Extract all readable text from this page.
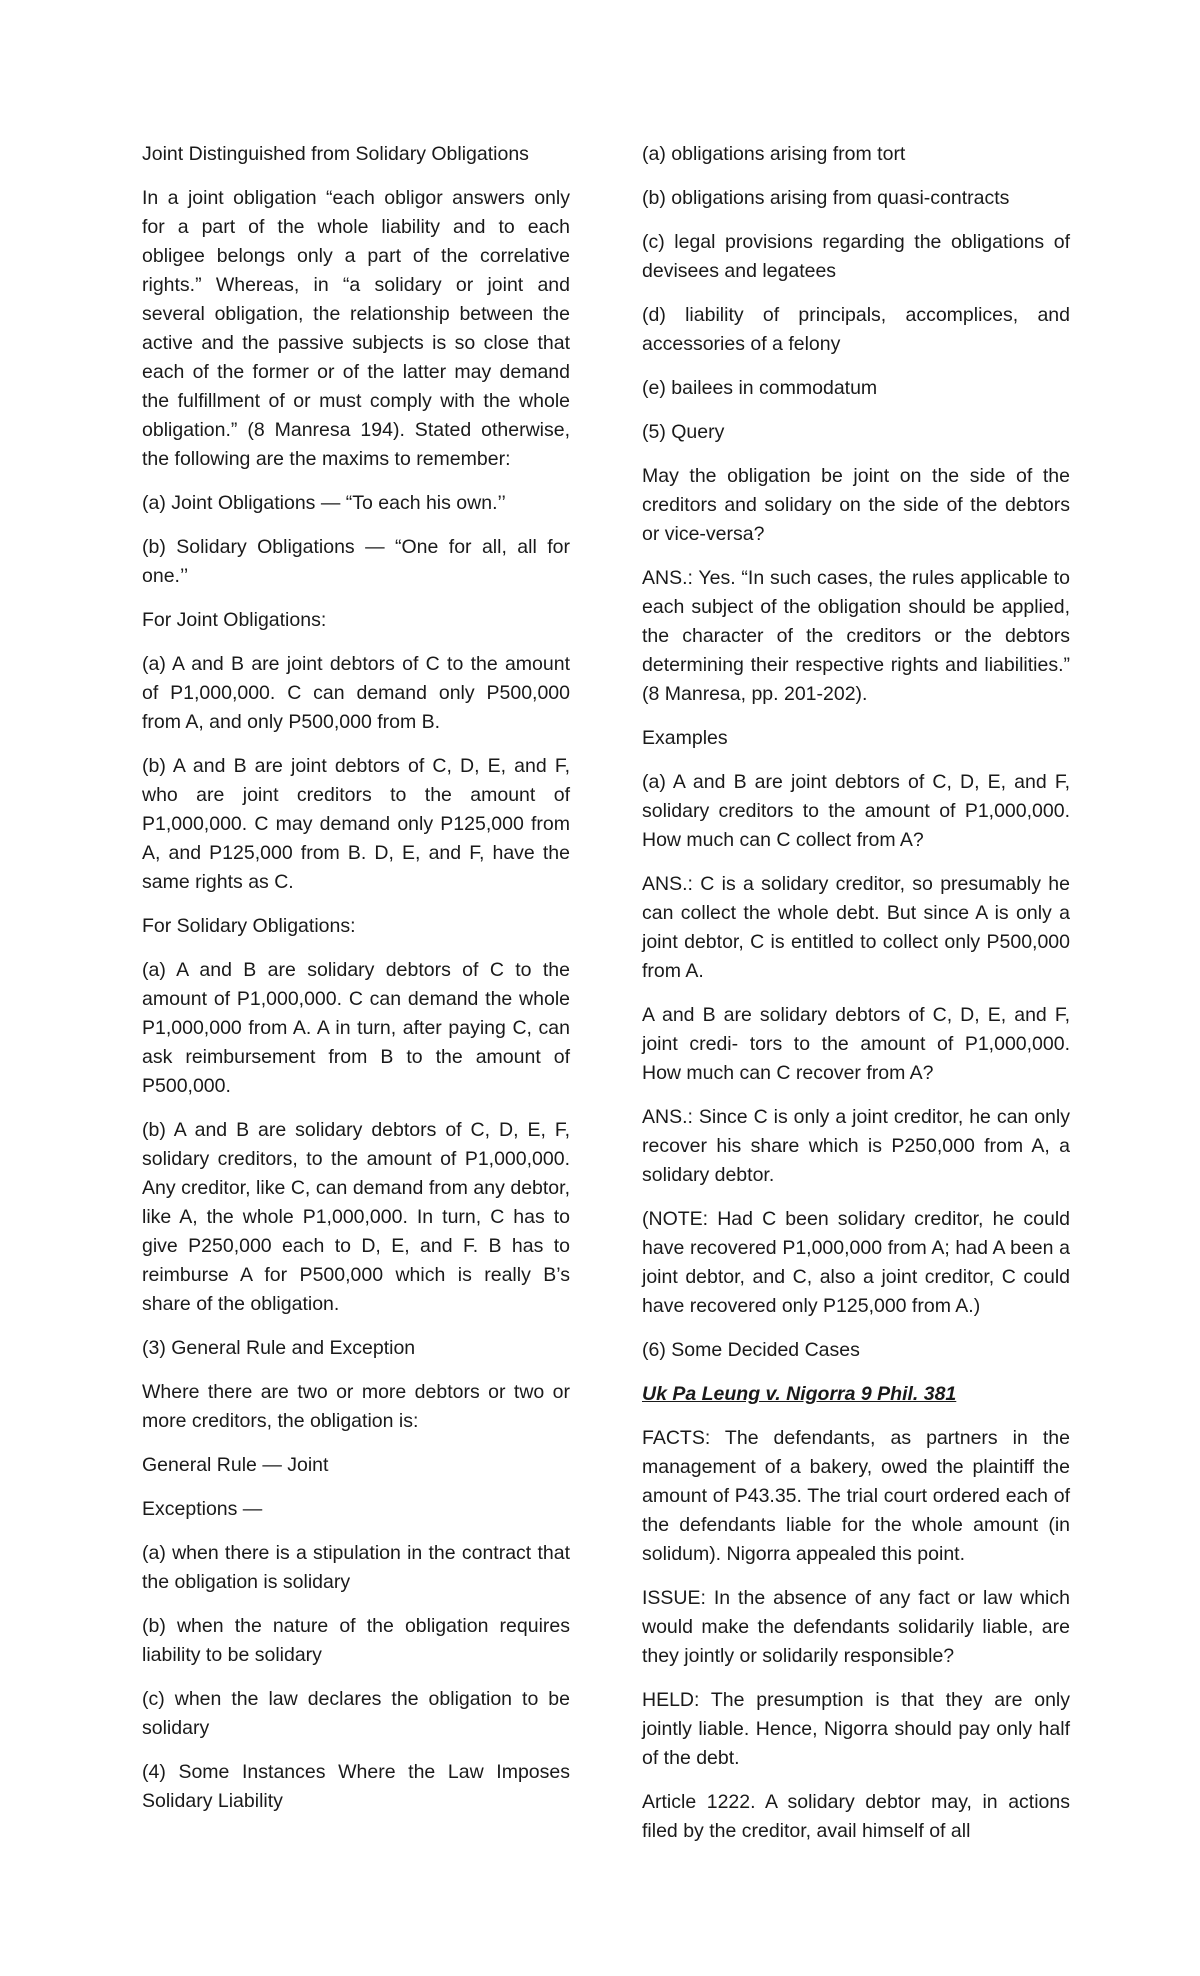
Joint Distinguished from Solidary Obligations

In a joint obligation “each obligor answers only for a part of the whole liability and to each obligee belongs only a part of the correlative rights.” Whereas, in “a solidary or joint and several obligation, the relationship between the active and the passive subjects is so close that each of the former or of the latter may demand the fulfillment of or must comply with the whole obligation.” (8 Manresa 194). Stated otherwise, the following are the maxims to remember:

(a) Joint Obligations — “To each his own.’’

(b) Solidary Obligations — “One for all, all for one.’’

For Joint Obligations:

(a) A and B are joint debtors of C to the amount of P1,000,000. C can demand only P500,000 from A, and only P500,000 from B.

(b) A and B are joint debtors of C, D, E, and F, who are joint creditors to the amount of P1,000,000. C may demand only P125,000 from A, and P125,000 from B. D, E, and F, have the same rights as C.

For Solidary Obligations:

(a) A and B are solidary debtors of C to the amount of P1,000,000. C can demand the whole P1,000,000 from A. A in turn, after paying C, can ask reimbursement from B to the amount of P500,000.

(b) A and B are solidary debtors of C, D, E, F, solidary creditors, to the amount of P1,000,000. Any creditor, like C, can demand from any debtor, like A, the whole P1,000,000. In turn, C has to give P250,000 each to D, E, and F. B has to reimburse A for P500,000 which is really B’s share of the obligation.

(3) General Rule and Exception

Where there are two or more debtors or two or more creditors, the obligation is:

General Rule — Joint

Exceptions —

(a) when there is a stipulation in the contract that the obligation is solidary

(b) when the nature of the obligation requires liability to be solidary

(c) when the law declares the obligation to be solidary

(4) Some Instances Where the Law Imposes Solidary Liability

(a) obligations arising from tort

(b) obligations arising from quasi-contracts

(c) legal provisions regarding the obligations of devisees and legatees

(d) liability of principals, accomplices, and accessories of a felony

(e) bailees in commodatum

(5) Query

May the obligation be joint on the side of the creditors and solidary on the side of the debtors or vice-versa?

ANS.: Yes. “In such cases, the rules applicable to each subject of the obligation should be applied, the character of the creditors or the debtors determining their respective rights and liabilities.” (8 Manresa, pp. 201-202).

Examples

(a) A and B are joint debtors of C, D, E, and F, solidary creditors to the amount of P1,000,000. How much can C collect from A?

ANS.: C is a solidary creditor, so presumably he can collect the whole debt. But since A is only a joint debtor, C is entitled to collect only P500,000 from A.

A and B are solidary debtors of C, D, E, and F, joint credi- tors to the amount of P1,000,000. How much can C recover from A?

ANS.: Since C is only a joint creditor, he can only recover his share which is P250,000 from A, a solidary debtor.

(NOTE: Had C been solidary creditor, he could have recovered P1,000,000 from A; had A been a joint debtor, and C, also a joint creditor, C could have recovered only P125,000 from A.)

(6) Some Decided Cases

Uk Pa Leung v. Nigorra 9 Phil. 381

FACTS: The defendants, as partners in the management of a bakery, owed the plaintiff the amount of P43.35. The trial court ordered each of the defendants liable for the whole amount (in solidum). Nigorra appealed this point.

ISSUE: In the absence of any fact or law which would make the defendants solidarily liable, are they jointly or solidarily responsible?

HELD: The presumption is that they are only jointly liable. Hence, Nigorra should pay only half of the debt.

Article 1222. A solidary debtor may, in actions filed by the creditor, avail himself of all
